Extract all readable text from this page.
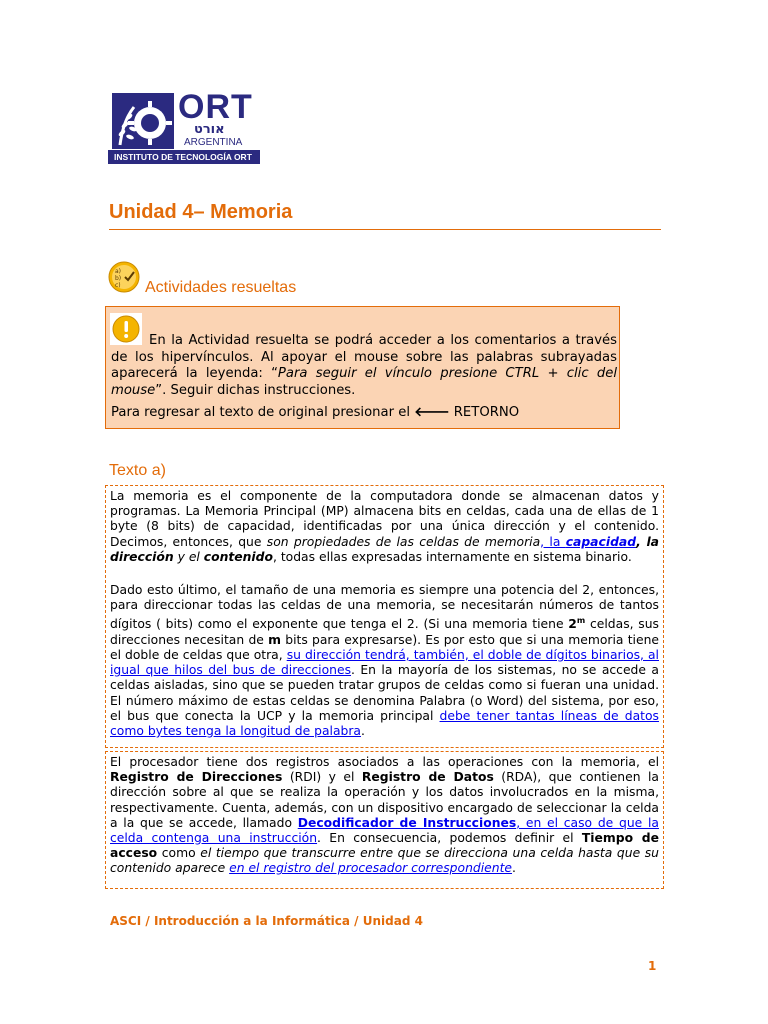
ORT
אורט
ARGENTINA
INSTITUTO DE TECNOLOGÍA ORT
Unidad 4– Memoria
a)
b)
c) Actividades resueltas
En la Actividad resuelta se podrá acceder a los comentarios a través de los hipervínculos. Al apoyar el mouse sobre las palabras subrayadas aparecerá la leyenda: “Para seguir el vínculo presione CTRL + clic del mouse”. Seguir dichas instrucciones.
Para regresar al texto de original presionar el 🡐 RETORNO
Texto a)
La memoria es el componente de la computadora donde se almacenan datos y programas. La Memoria Principal (MP) almacena bits en celdas, cada una de ellas de 1 byte (8 bits) de capacidad, identificadas por una única dirección y el contenido. Decimos, entonces, que son propiedades de las celdas de memoria, la capacidad, la dirección y el contenido, todas ellas expresadas internamente en sistema binario.
Dado esto último, el tamaño de una memoria es siempre una potencia del 2, entonces, para direccionar todas las celdas de una memoria, se necesitarán números de tantos dígitos ( bits) como el exponente que tenga el 2. (Si una memoria tiene 2$^m$ celdas, sus direcciones necesitan de m bits para expresarse). Es por esto que si una memoria tiene el doble de celdas que otra, su dirección tendrá, también, el doble de dígitos binarios, al igual que hilos del bus de direcciones. En la mayoría de los sistemas, no se accede a celdas aisladas, sino que se pueden tratar grupos de celdas como si fueran una unidad. El número máximo de estas celdas se denomina Palabra (o Word) del sistema, por eso, el bus que conecta la UCP y la memoria principal debe tener tantas líneas de datos como bytes tenga la longitud de palabra.
El procesador tiene dos registros asociados a las operaciones con la memoria, el Registro de Direcciones (RDI) y el Registro de Datos (RDA), que contienen la dirección sobre al que se realiza la operación y los datos involucrados en la misma, respectivamente. Cuenta, además, con un dispositivo encargado de seleccionar la celda a la que se accede, llamado Decodificador de Instrucciones, en el caso de que la celda contenga una instrucción. En consecuencia, podemos definir el Tiempo de acceso como el tiempo que transcurre entre que se direcciona una celda hasta que su contenido aparece en el registro del procesador correspondiente.
ASCI / Introducción a la Informática / Unidad 4
1
